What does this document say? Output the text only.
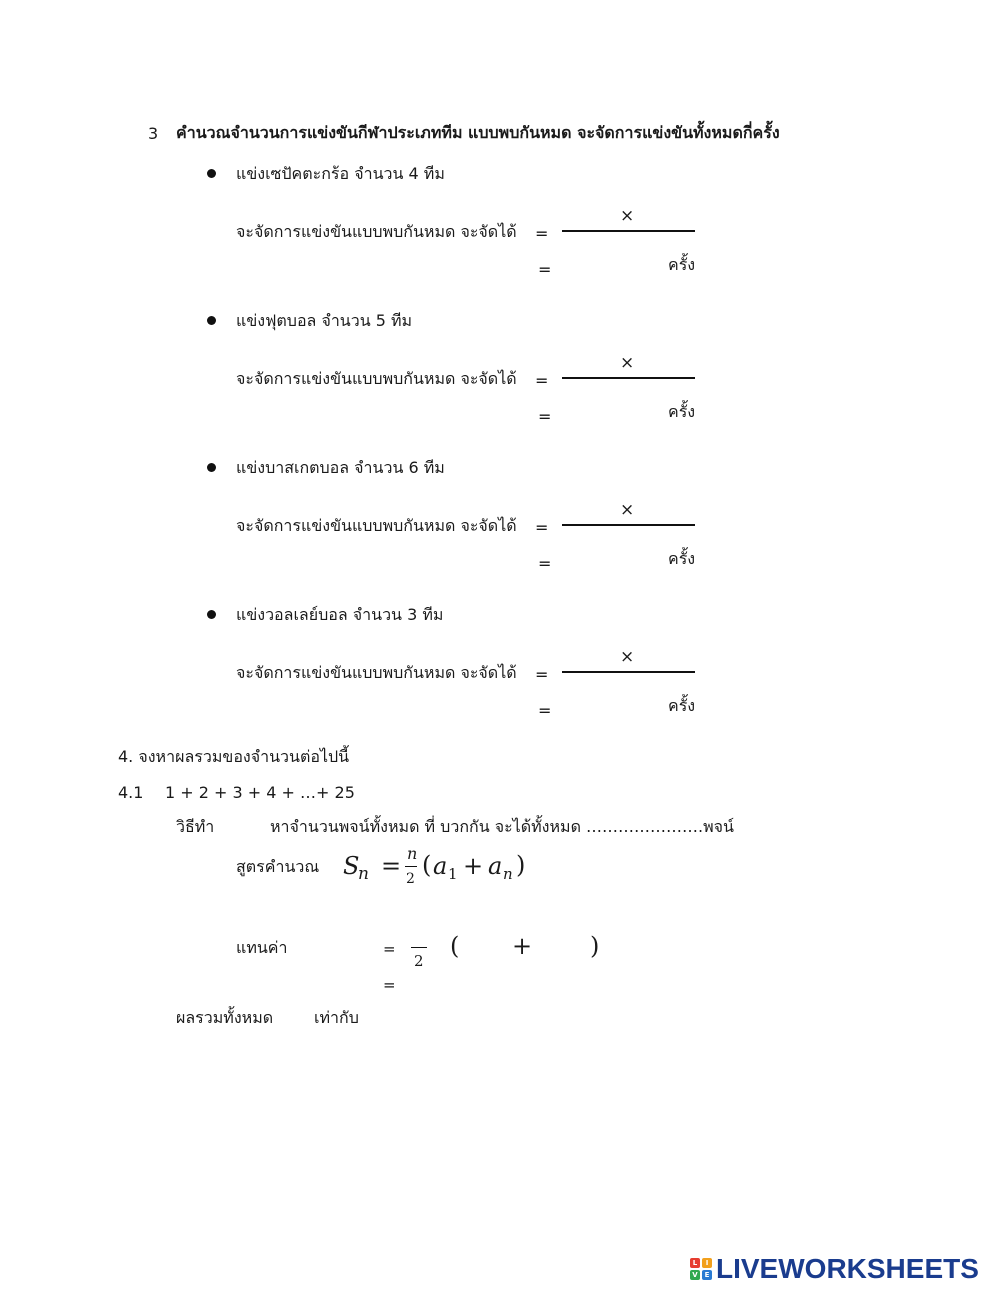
3 คำนวณจำนวนการแข่งขันกีฬาประเภททีม แบบพบกันหมด จะจัดการแข่งขันทั้งหมดกี่ครั้ง
แข่งเซปัคตะกร้อ จำนวน 4 ทีม
จะจัดการแข่งขันแบบพบกันหมด จะจัดได้ =
×
=	ครั้ง
แข่งฟุตบอล จำนวน 5 ทีม
จะจัดการแข่งขันแบบพบกันหมด จะจัดได้ =
×
=	ครั้ง
แข่งบาสเกตบอล จำนวน 6 ทีม
จะจัดการแข่งขันแบบพบกันหมด จะจัดได้ =
×
=	ครั้ง
แข่งวอลเลย์บอล จำนวน 3 ทีม
จะจัดการแข่งขันแบบพบกันหมด จะจัดได้ =
×
=	ครั้ง
4. จงหาผลรวมของจำนวนต่อไปนี้
4.1 1 + 2 + 3 + 4 + …+ 25
วิธีทำ	หาจำนวนพจน์ทั้งหมด ที่ บวกกัน จะได้ทั้งหมด ………………….พจน์
สูตรคำนวณ S
n = n
2 ( a 1 + a n )
แทนค่า	=
2
( + )
=
ผลรวมทั้งหมด	เท่ากับ
L	I
V E LIVEWORKSHEETS
